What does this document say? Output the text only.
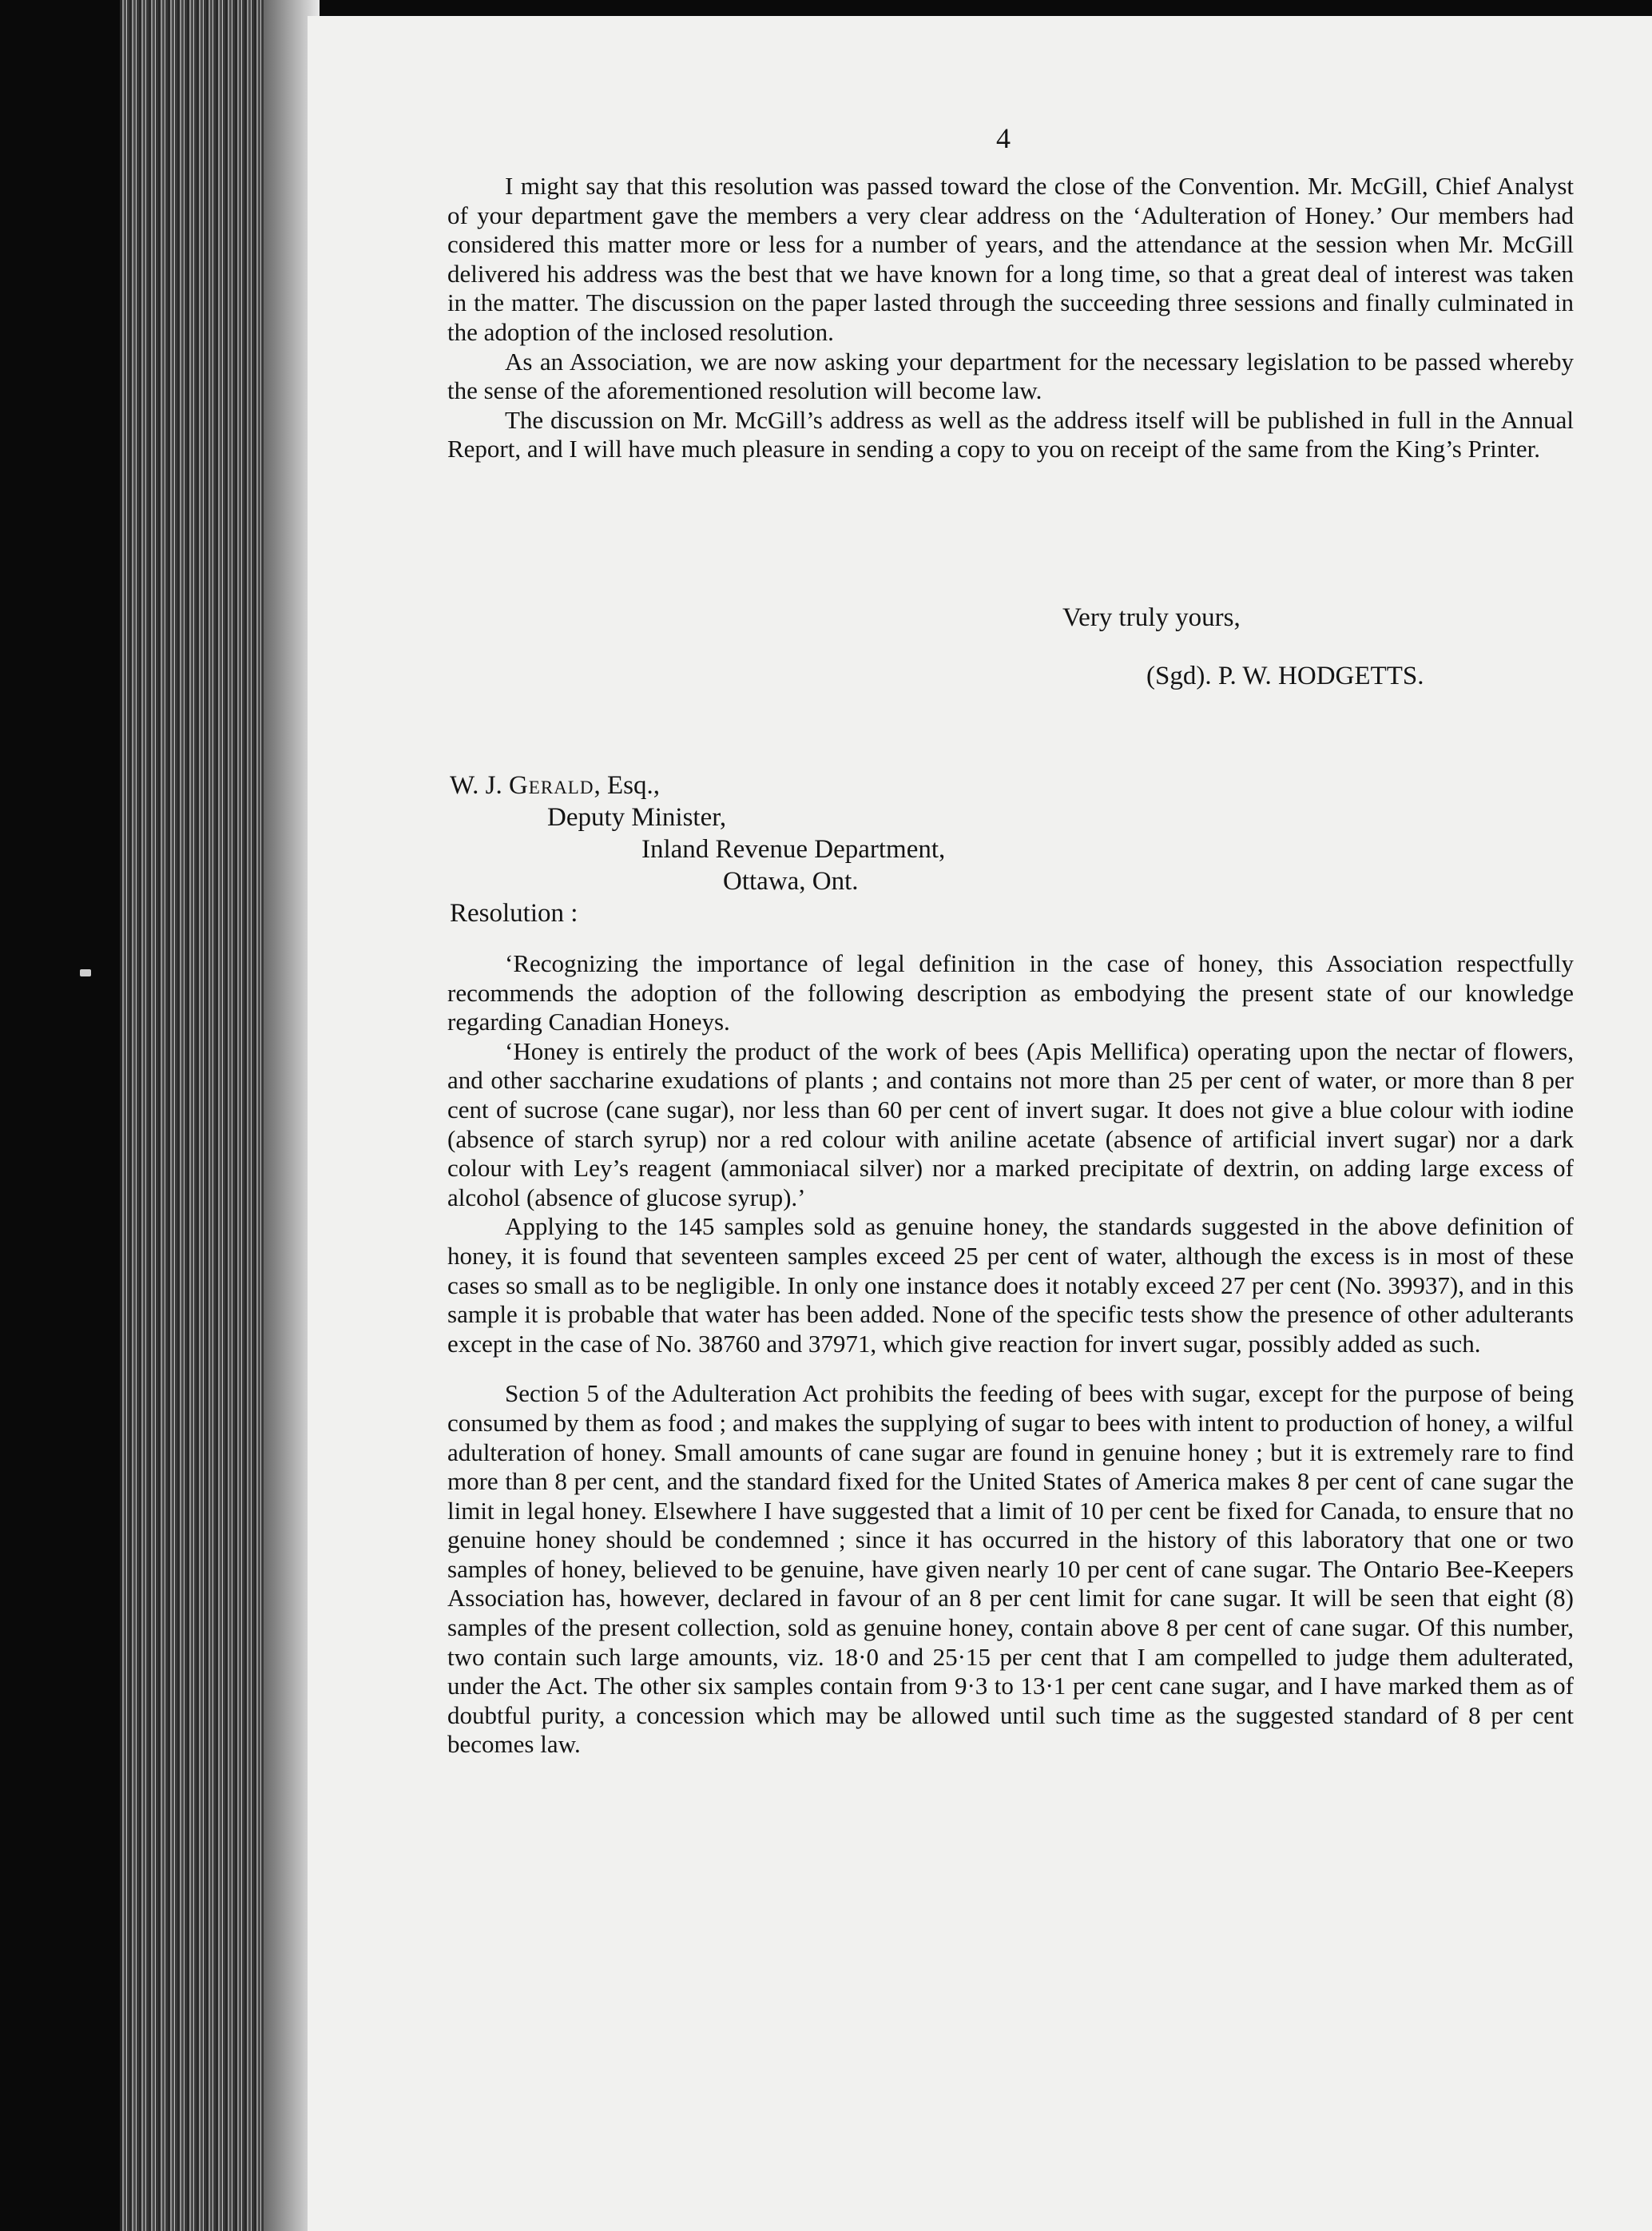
4

I might say that this resolution was passed toward the close of the Convention. Mr. McGill, Chief Analyst of your department gave the members a very clear address on the ‘Adulteration of Honey.’ Our members had considered this matter more or less for a number of years, and the attendance at the session when Mr. McGill delivered his address was the best that we have known for a long time, so that a great deal of interest was taken in the matter. The discussion on the paper lasted through the succeeding three sessions and finally culminated in the adoption of the inclosed resolution.

As an Association, we are now asking your department for the necessary legislation to be passed whereby the sense of the aforementioned resolution will become law.

The discussion on Mr. McGill’s address as well as the address itself will be published in full in the Annual Report, and I will have much pleasure in sending a copy to you on receipt of the same from the King’s Printer.

Very truly yours,
(Sgd). P. W. HODGETTS.
W. J. Gerald, Esq.,
Deputy Minister,
Inland Revenue Department,
Ottawa, Ont.
Resolution :

‘Recognizing the importance of legal definition in the case of honey, this Association respectfully recommends the adoption of the following description as embodying the present state of our knowledge regarding Canadian Honeys.

‘Honey is entirely the product of the work of bees (Apis Mellifica) operating upon the nectar of flowers, and other saccharine exudations of plants ; and contains not more than 25 per cent of water, or more than 8 per cent of sucrose (cane sugar), nor less than 60 per cent of invert sugar. It does not give a blue colour with iodine (absence of starch syrup) nor a red colour with aniline acetate (absence of artificial invert sugar) nor a dark colour with Ley’s reagent (ammoniacal silver) nor a marked precipitate of dextrin, on adding large excess of alcohol (absence of glucose syrup).’

Applying to the 145 samples sold as genuine honey, the standards suggested in the above definition of honey, it is found that seventeen samples exceed 25 per cent of water, although the excess is in most of these cases so small as to be negligible. In only one instance does it notably exceed 27 per cent (No. 39937), and in this sample it is probable that water has been added. None of the specific tests show the presence of other adulterants except in the case of No. 38760 and 37971, which give reaction for invert sugar, possibly added as such.

Section 5 of the Adulteration Act prohibits the feeding of bees with sugar, except for the purpose of being consumed by them as food ; and makes the supplying of sugar to bees with intent to production of honey, a wilful adulteration of honey. Small amounts of cane sugar are found in genuine honey ; but it is extremely rare to find more than 8 per cent, and the standard fixed for the United States of America makes 8 per cent of cane sugar the limit in legal honey. Elsewhere I have suggested that a limit of 10 per cent be fixed for Canada, to ensure that no genuine honey should be condemned ; since it has occurred in the history of this laboratory that one or two samples of honey, believed to be genuine, have given nearly 10 per cent of cane sugar. The Ontario Bee-Keepers Association has, however, declared in favour of an 8 per cent limit for cane sugar. It will be seen that eight (8) samples of the present collection, sold as genuine honey, contain above 8 per cent of cane sugar. Of this number, two contain such large amounts, viz. 18·0 and 25·15 per cent that I am compelled to judge them adulterated, under the Act. The other six samples contain from 9·3 to 13·1 per cent cane sugar, and I have marked them as of doubtful purity, a concession which may be allowed until such time as the suggested standard of 8 per cent becomes law.
